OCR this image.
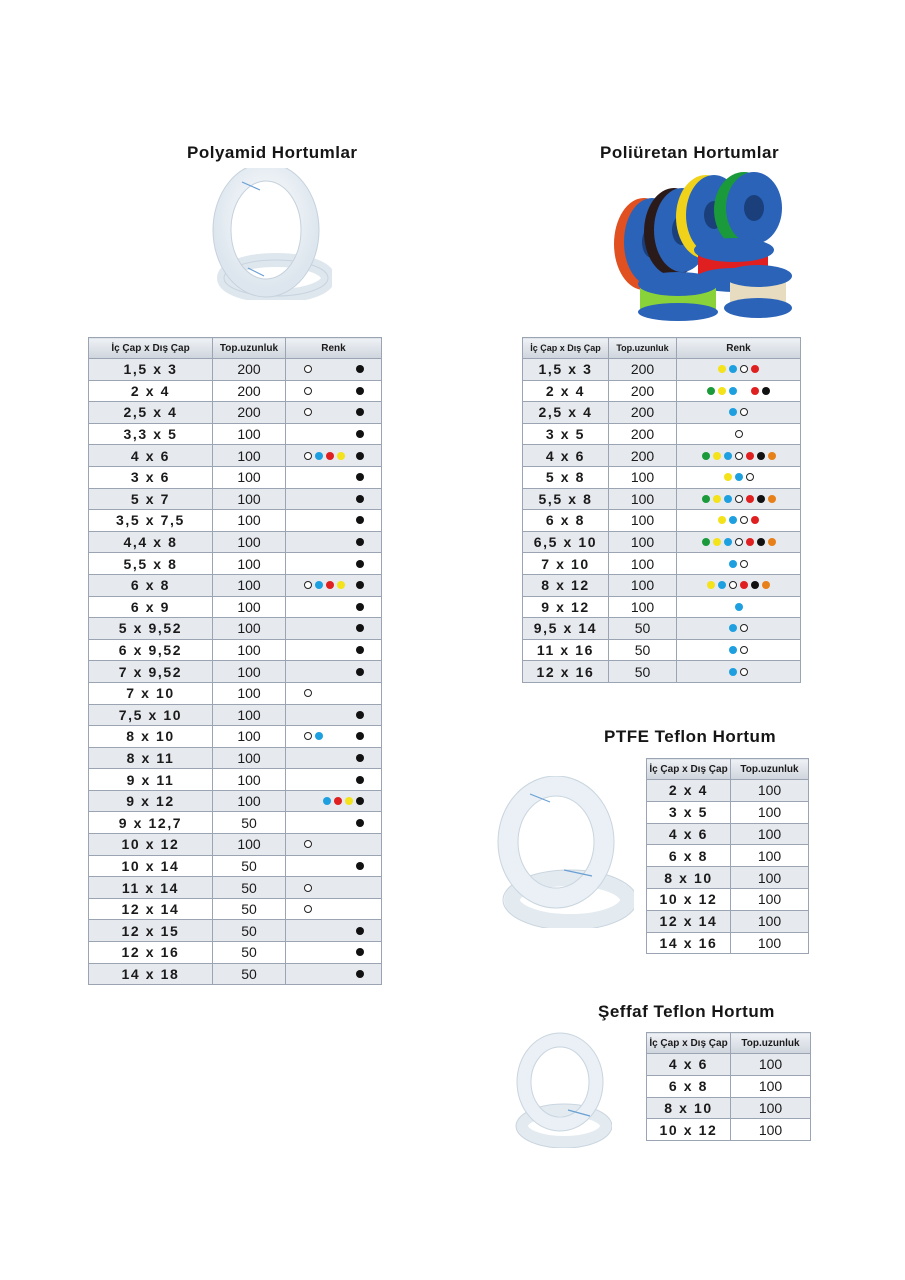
Polyamid Hortumlar	Poliüretan Hortumlar
PTFE Teflon Hortum
Şeffaf Teflon Hortum
İç Çap x Dış Çap	Top.uzunluk	Renk
1,5 x 3	200	

2 x 4	200	

2,5 x 4	200	

3,3 x 5	100	

4 x 6	100	

3 x 6	100	

5 x 7	100	

3,5 x 7,5	100	

4,4 x 8	100	

5,5 x 8	100	

6 x 8	100	

6 x 9	100	

5 x 9,52	100	

6 x 9,52	100	

7 x 9,52	100	

7 x 10	100	

7,5 x 10	100	

8 x 10	100	

8 x 11	100	

9 x 11	100	

9 x 12	100	

9 x 12,7	50	

10 x 12	100	

10 x 14	50	

11 x 14	50	

12 x 14	50	

12 x 15	50	

12 x 16	50	

14 x 18	50	
İç Çap x Dış Çap	Top.uzunluk	Renk
1,5 x 3	200	
2 x 4	200	
2,5 x 4	200	
3 x 5	200	
4 x 6	200	
5 x 8	100	
5,5 x 8	100	
6 x 8	100	
6,5 x 10	100	
7 x 10	100	
8 x 12	100	
9 x 12	100	
9,5 x 14	50	
11 x 16	50	
12 x 16	50	
İç Çap x Dış Çap	Top.uzunluk
2 x 4	100
3 x 5	100
4 x 6	100
6 x 8	100
8 x 10	100
10 x 12	100
12 x 14	100
14 x 16	100
İç Çap x Dış Çap	Top.uzunluk
4 x 6	100
6 x 8	100
8 x 10	100
10 x 12	100
